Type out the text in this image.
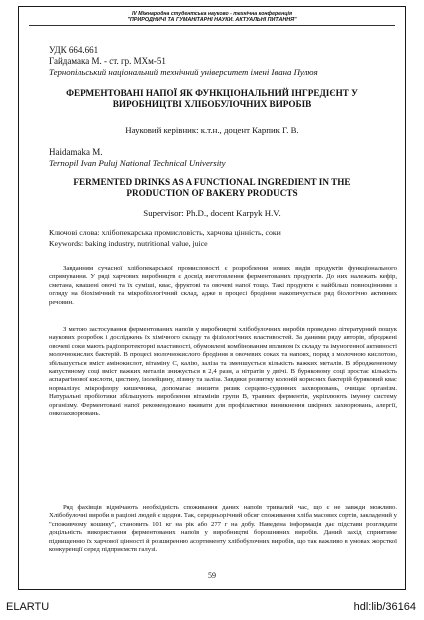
IV Міжнародна студентська науково - технічна конференція
"ПРИРОДНИЧІ ТА ГУМАНІТАРНІ НАУКИ. АКТУАЛЬНІ ПИТАННЯ"
УДК 664.661
Гайдамака М. - ст. гр. МХм-51
Тернопільський національний технічний університет імені Івана Пулюя
ФЕРМЕНТОВАНІ НАПОЇ ЯК ФУНКЦІОНАЛЬНИЙ ІНГРЕДІЄНТ У ВИРОБНИЦТВІ ХЛІБОБУЛОЧНИХ ВИРОБІВ
Науковий керівник: к.т.н., доцент Карпик Г. В.
Haidamaka M.
Ternopil Ivan Puluj National Technical University
FERMENTED DRINKS AS A FUNCTIONAL INGREDIENT IN THE PRODUCTION OF BAKERY PRODUCTS
Supervisor: Ph.D., docent Karpyk H.V.
Ключові слова: хлібопекарська промисловість, харчова цінність, соки
Keywords: baking industry, nutritional value, juice
Завданням сучасної хлібопекарської промисловості є розроблення нових видів продуктів функціонального спрямування. У ряді харчових виробництв є досвід виготовлення ферментованих продуктів. До них належать кефір, сметана, квашені овочі та їх суміші, квас, фруктові та овочеві напої тощо. Такі продукти є найбільш повноцінними з огляду на біохімічний та мікробіологічний склад, адже в процесі бродіння накопичується ряд біологічно активних речовин.
З метою застосування ферментованих напоїв у виробництві хлібобулочних виробів проведено літературний пошук наукових розробок і досліджень їх хімічного складу та фізіологічних властивостей. За даними ряду авторів, зброджені овочеві соки мають радіопротекторні властивості, обумовлені комбінованим впливом їх складу та імуногенної активності молочнокислих бактерій. В процесі молочнокислого бродіння в овочевих соках та напоях, поряд з молочною кислотою, збільшується вміст амінокислот, вітаміну С, калію, заліза та зменшується кількість важких металів. В зброджененому капустяному соці вміст важких металів знижується в 2,4 рази, а нітратів у двічі. В буряковому соці зростає кількість аспарагінової кислоти, цистину, ізолейцину, лізину та заліза. Завдяки розвитку колоній корисних бактерій буряковий квас нормалізує мікрофлору кишечника, допомагає знизити ризик серцево-судинних захворювань, очищає організм. Натуральні пробіотики збільшують вироблення вітамінів групи В, травних ферментів, укріплюють імунну систему організму. Ферментовані напої рекомендовано вживати для профілактики виникнення шкірних захворювань, алергії, онкозахворювань.
Ряд фахівців відмічають необхідність споживання даних напоїв тривалий час, що є не завжди можливо. Хлібобулочні вироби в раціоні людей є щодня. Так, середньорічний обсяг споживання хліба масових сортів, закладений у "споживчому кошику", становить 101 кг на рік або 277 г на добу. Наведена інформація дає підстави розглядати доцільність використання ферментованих напоїв у виробництві борошняних виробів. Даний захід сприятиме підвищенню їх харчової цінності й розширенню асортименту хлібобулочних виробів, що так важливо в умовах жорсткої конкуренції серед підприємств галузі.
59
ELARTU	hdl:lib/36164
